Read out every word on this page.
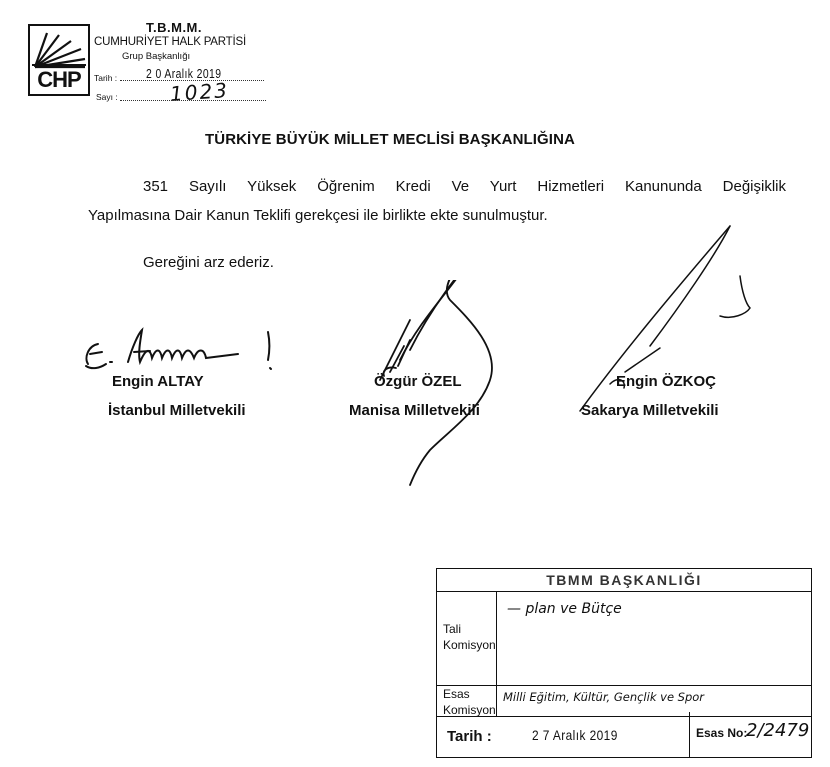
CHP
T.B.M.M.
CUMHURİYET HALK PARTİSİ
Grup Başkanlığı
Tarih : 2 0 Aralık 2019
Sayı :	1023
TÜRKİYE BÜYÜK MİLLET MECLİSİ BAŞKANLIĞINA
351 Sayılı Yüksek Öğrenim Kredi Ve Yurt Hizmetleri Kanununda Değişiklik
Yapılmasına Dair Kanun Teklifi gerekçesi ile birlikte ekte sunulmuştur.
Gereğini arz ederiz.
Engin ALTAY
İstanbul Milletvekili
Özgür ÖZEL
Manisa Milletvekili
Engin ÖZKOÇ
Sakarya Milletvekili
TBMM BAŞKANLIĞI
Tali Komisyon
— plan ve Bütçe
Esas Komisyon
Milli Eğitim, Kültür, Gençlik ve Spor
Tarih :	2 7 Aralık 2019	Esas No:
2/2479
